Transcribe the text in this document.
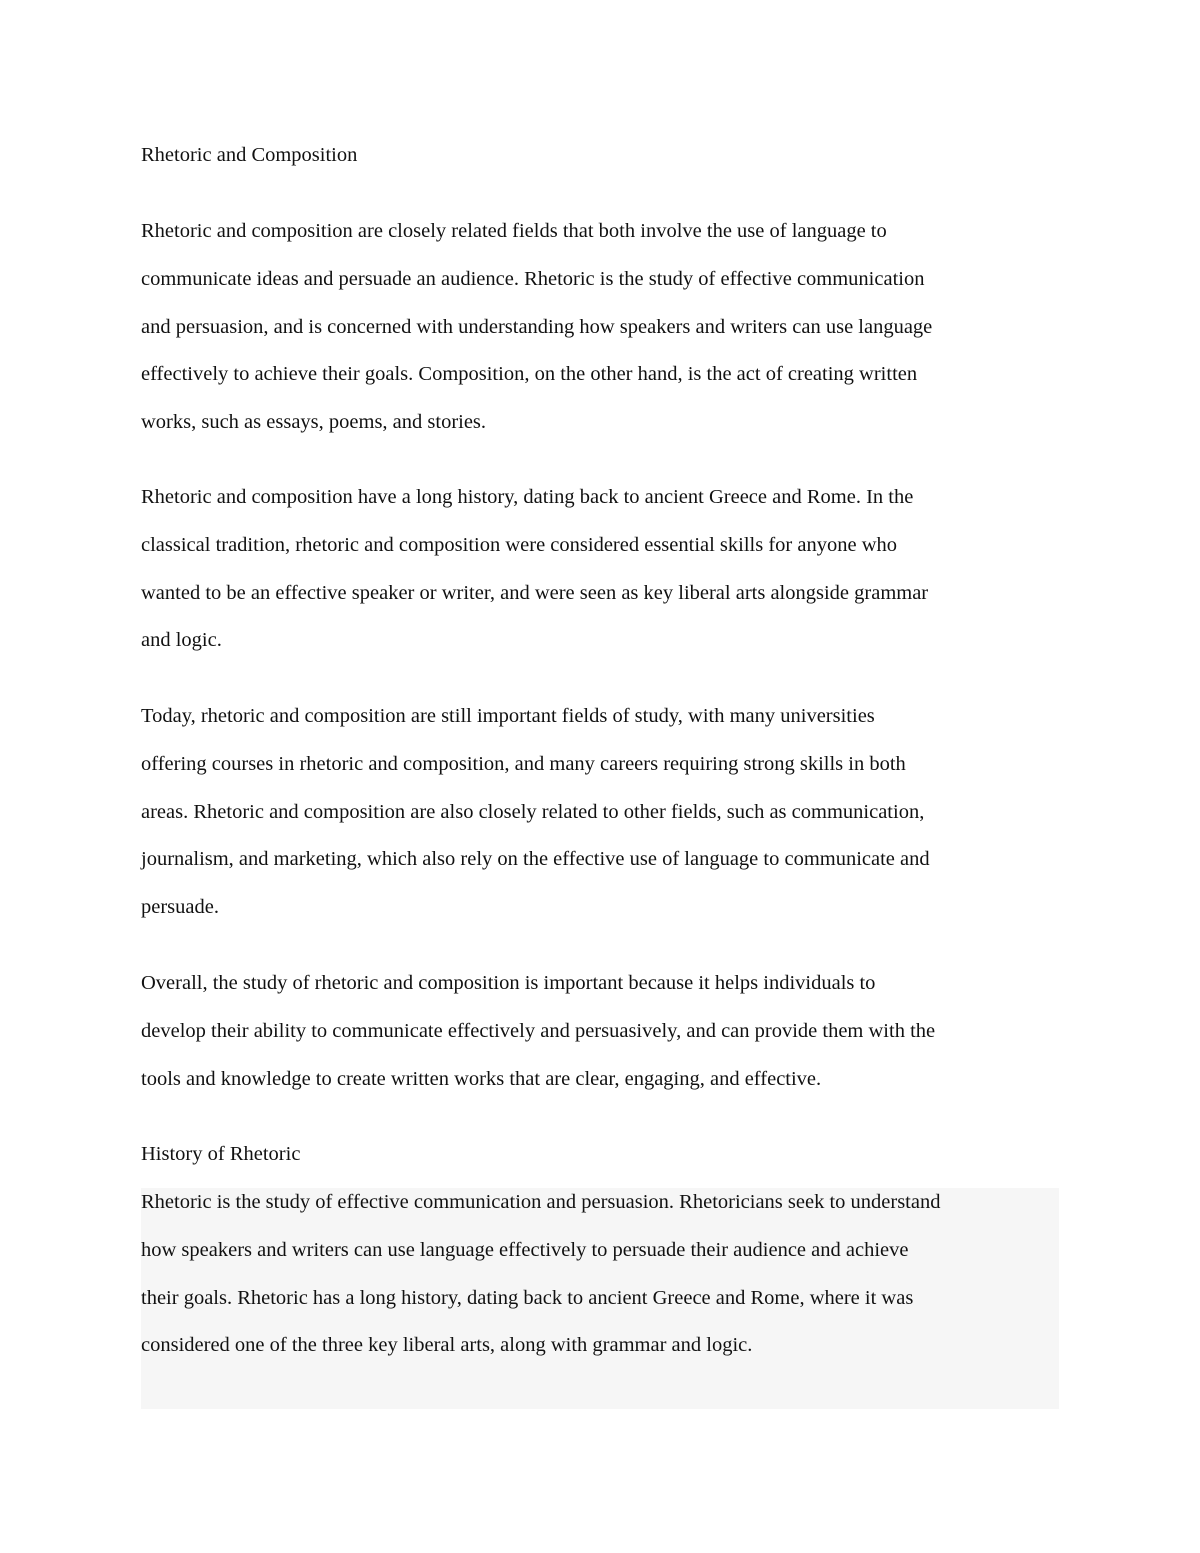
Rhetoric and Composition
Rhetoric and composition are closely related fields that both involve the use of language to
communicate ideas and persuade an audience. Rhetoric is the study of effective communication
and persuasion, and is concerned with understanding how speakers and writers can use language
effectively to achieve their goals. Composition, on the other hand, is the act of creating written
works, such as essays, poems, and stories.
Rhetoric and composition have a long history, dating back to ancient Greece and Rome. In the
classical tradition, rhetoric and composition were considered essential skills for anyone who
wanted to be an effective speaker or writer, and were seen as key liberal arts alongside grammar
and logic.
Today, rhetoric and composition are still important fields of study, with many universities
offering courses in rhetoric and composition, and many careers requiring strong skills in both
areas. Rhetoric and composition are also closely related to other fields, such as communication,
journalism, and marketing, which also rely on the effective use of language to communicate and
persuade.
Overall, the study of rhetoric and composition is important because it helps individuals to
develop their ability to communicate effectively and persuasively, and can provide them with the
tools and knowledge to create written works that are clear, engaging, and effective.
History of Rhetoric
Rhetoric is the study of effective communication and persuasion. Rhetoricians seek to understand
how speakers and writers can use language effectively to persuade their audience and achieve
their goals. Rhetoric has a long history, dating back to ancient Greece and Rome, where it was
considered one of the three key liberal arts, along with grammar and logic.
